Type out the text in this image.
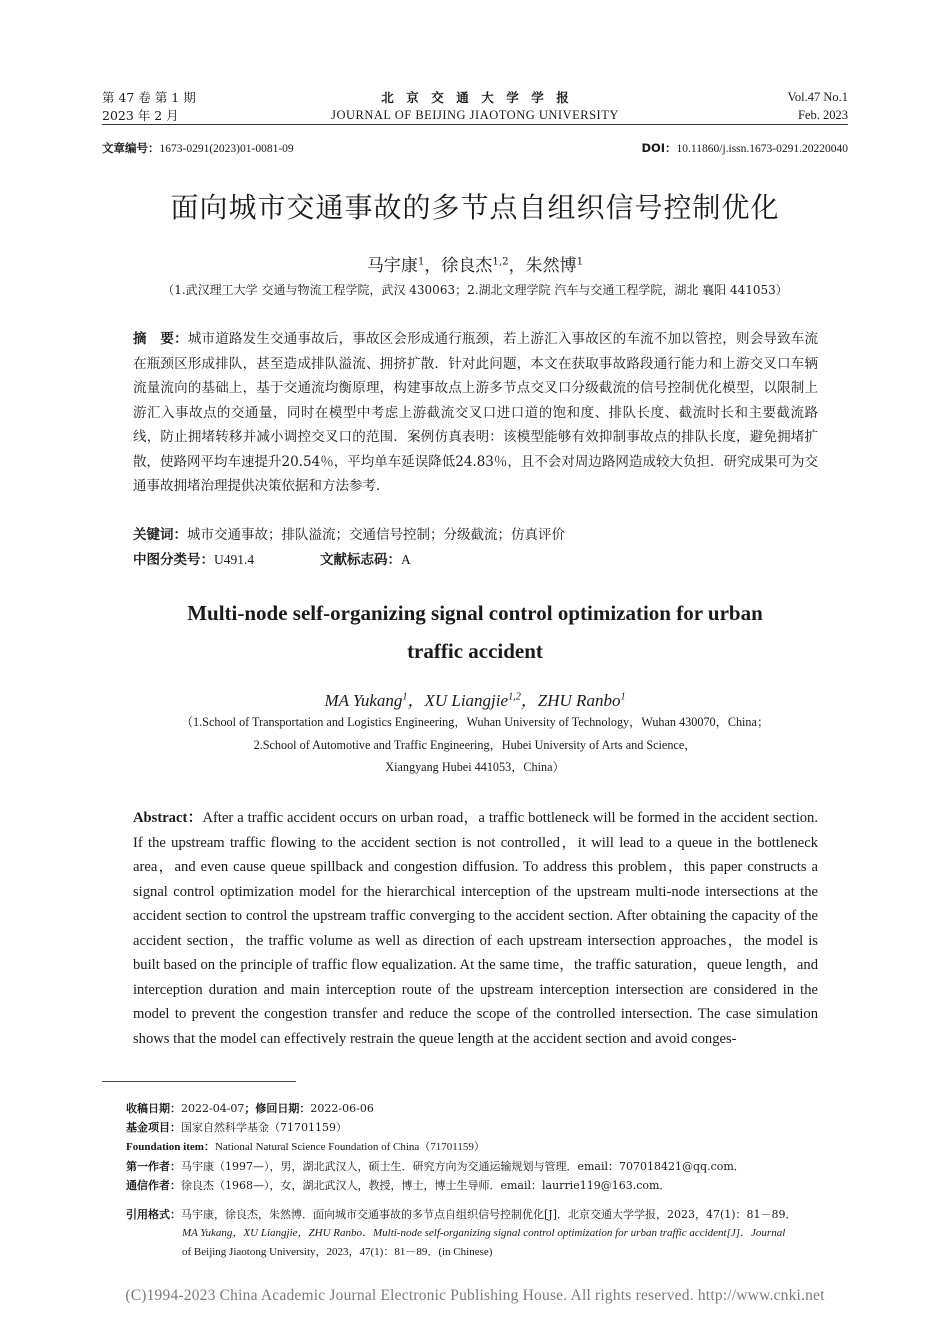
第 47 卷 第 1 期
2023 年 2 月
北　京　交　通　大　学　学　报
JOURNAL OF BEIJING JIAOTONG UNIVERSITY
Vol.47 No.1
Feb. 2023
文章编号：1673-0291(2023)01-0081-09	DOI：10.11860/j.issn.1673-0291.20220040
面向城市交通事故的多节点自组织信号控制优化
马宇康$^1$，徐良杰$^{1,2}$，朱然博$^1$
（1.武汉理工大学 交通与物流工程学院，武汉 430063；2.湖北文理学院 汽车与交通工程学院，湖北 襄阳 441053）
摘　要：城市道路发生交通事故后，事故区会形成通行瓶颈，若上游汇入事故区的车流不加以管控，则会导致车流在瓶颈区形成排队，甚至造成排队溢流、拥挤扩散．针对此问题，本文在获取事故路段通行能力和上游交叉口车辆流量流向的基础上，基于交通流均衡原理，构建事故点上游多节点交叉口分级截流的信号控制优化模型，以限制上游汇入事故点的交通量，同时在模型中考虑上游截流交叉口进口道的饱和度、排队长度、截流时长和主要截流路线，防止拥堵转移并减小调控交叉口的范围．案例仿真表明：该模型能够有效抑制事故点的排队长度，避免拥堵扩散，使路网平均车速提升20.54％，平均单车延误降低24.83％，且不会对周边路网造成较大负担．研究成果可为交通事故拥堵治理提供决策依据和方法参考．
关键词：城市交通事故；排队溢流；交通信号控制；分级截流；仿真评价
中图分类号：U491.4	文献标志码：A
Multi-node self-organizing signal control optimization for urban
traffic accident
MA Yukang$^1$，XU Liangjie$^{1,2}$，ZHU Ranbo$^1$
（1.School of Transportation and Logistics Engineering，Wuhan University of Technology，Wuhan 430070，China；
2.School of Automotive and Traffic Engineering，Hubei University of Arts and Science，
Xiangyang Hubei 441053，China）
Abstract：After a traffic accident occurs on urban road，a traffic bottleneck will be formed in the accident section. If the upstream traffic flowing to the accident section is not controlled，it will lead to a queue in the bottleneck area，and even cause queue spillback and congestion diffusion. To address this problem，this paper constructs a signal control optimization model for the hierarchical interception of the upstream multi-node intersections at the accident section to control the upstream traffic converging to the accident section. After obtaining the capacity of the accident section，the traffic volume as well as direction of each upstream intersection approaches，the model is built based on the principle of traffic flow equalization. At the same time，the traffic saturation，queue length，and interception duration and main interception route of the upstream interception intersection are considered in the model to prevent the congestion transfer and reduce the scope of the controlled intersection. The case simulation shows that the model can effectively restrain the queue length at the accident section and avoid conges-
收稿日期：2022-04-07；修回日期：2022-06-06
基金项目：国家自然科学基金（71701159）
Foundation item：National Natural Science Foundation of China（71701159）
第一作者：马宇康（1997—），男，湖北武汉人，硕士生．研究方向为交通运输规划与管理．email：707018421@qq.com．
通信作者：徐良杰（1968—），女，湖北武汉人，教授，博士，博士生导师．email：laurrie119@163.com．
引用格式：马宇康，徐良杰，朱然博．面向城市交通事故的多节点自组织信号控制优化[J]．北京交通大学学报，2023，47(1)：81－89．
MA Yukang，XU Liangjie，ZHU Ranbo．Multi-node self-organizing signal control optimization for urban traffic accident[J]．Journal
of Beijing Jiaotong University，2023，47(1)：81－89．(in Chinese)
(C)1994-2023 China Academic Journal Electronic Publishing House. All rights reserved. http://www.cnki.net
